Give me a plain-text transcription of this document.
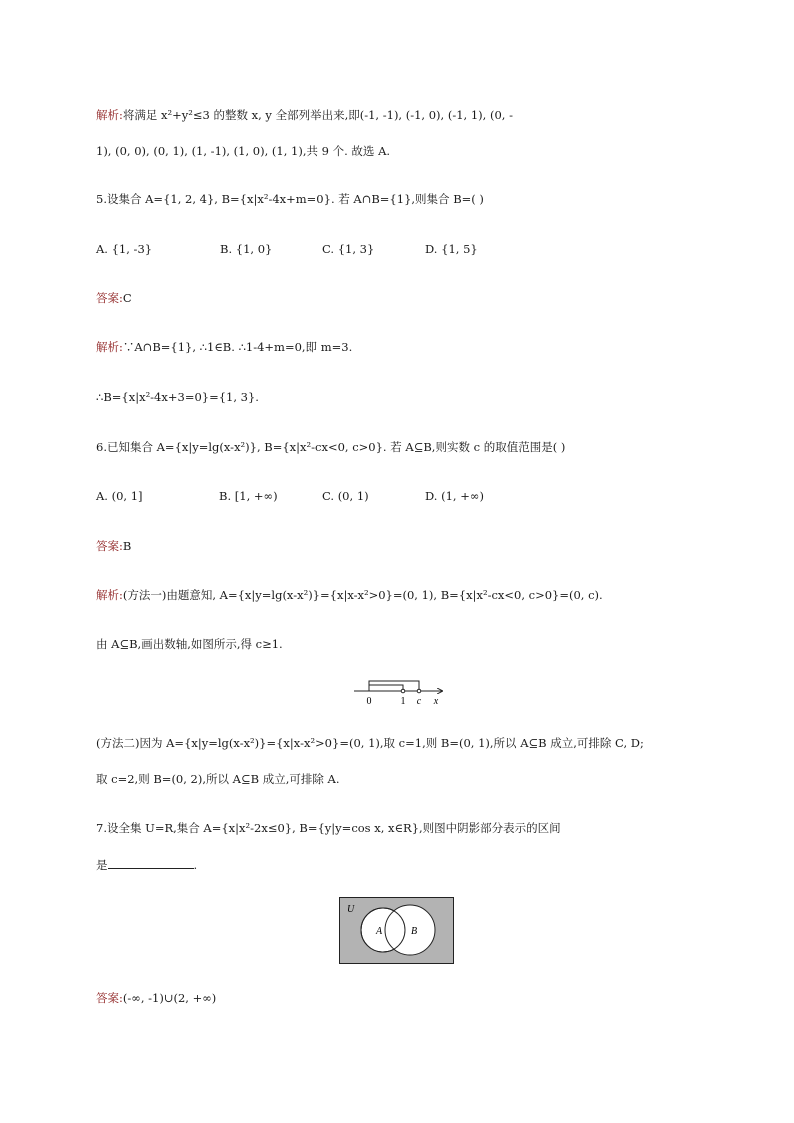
解析:将满足 x²+y²≤3 的整数 x, y 全部列举出来,即(-1, -1), (-1, 0), (-1, 1), (0, -
1), (0, 0), (0, 1), (1, -1), (1, 0), (1, 1),共 9 个. 故选 A.
5.设集合 A={1, 2, 4}, B={x|x²-4x+m=0}. 若 A∩B={1},则集合 B=( )
A. {1, -3}	B. {1, 0}	C. {1, 3}	D. {1, 5}
答案:C
解析:∵A∩B={1}, ∴1∈B. ∴1-4+m=0,即 m=3.
∴B={x|x²-4x+3=0}={1, 3}.
6.已知集合 A={x|y=lg(x-x²)}, B={x|x²-cx<0, c>0}. 若 A⊆B,则实数 c 的取值范围是( )
A. (0, 1]	B. [1, +∞)	C. (0, 1)	D. (1, +∞)
答案:B
解析:(方法一)由题意知, A={x|y=lg(x-x²)}={x|x-x²>0}=(0, 1), B={x|x²-cx<0, c>0}=(0, c).
由 A⊆B,画出数轴,如图所示,得 c≥1.
0	1 c x
(方法二)因为 A={x|y=lg(x-x²)}={x|x-x²>0}=(0, 1),取 c=1,则 B=(0, 1),所以 A⊆B 成立,可排除 C, D;
取 c=2,则 B=(0, 2),所以 A⊆B 成立,可排除 A.
7.设全集 U=R,集合 A={x|x²-2x≤0}, B={y|y=cos x, x∈R},则图中阴影部分表示的区间
是	.
U
A	B
答案:(-∞, -1)∪(2, +∞)
